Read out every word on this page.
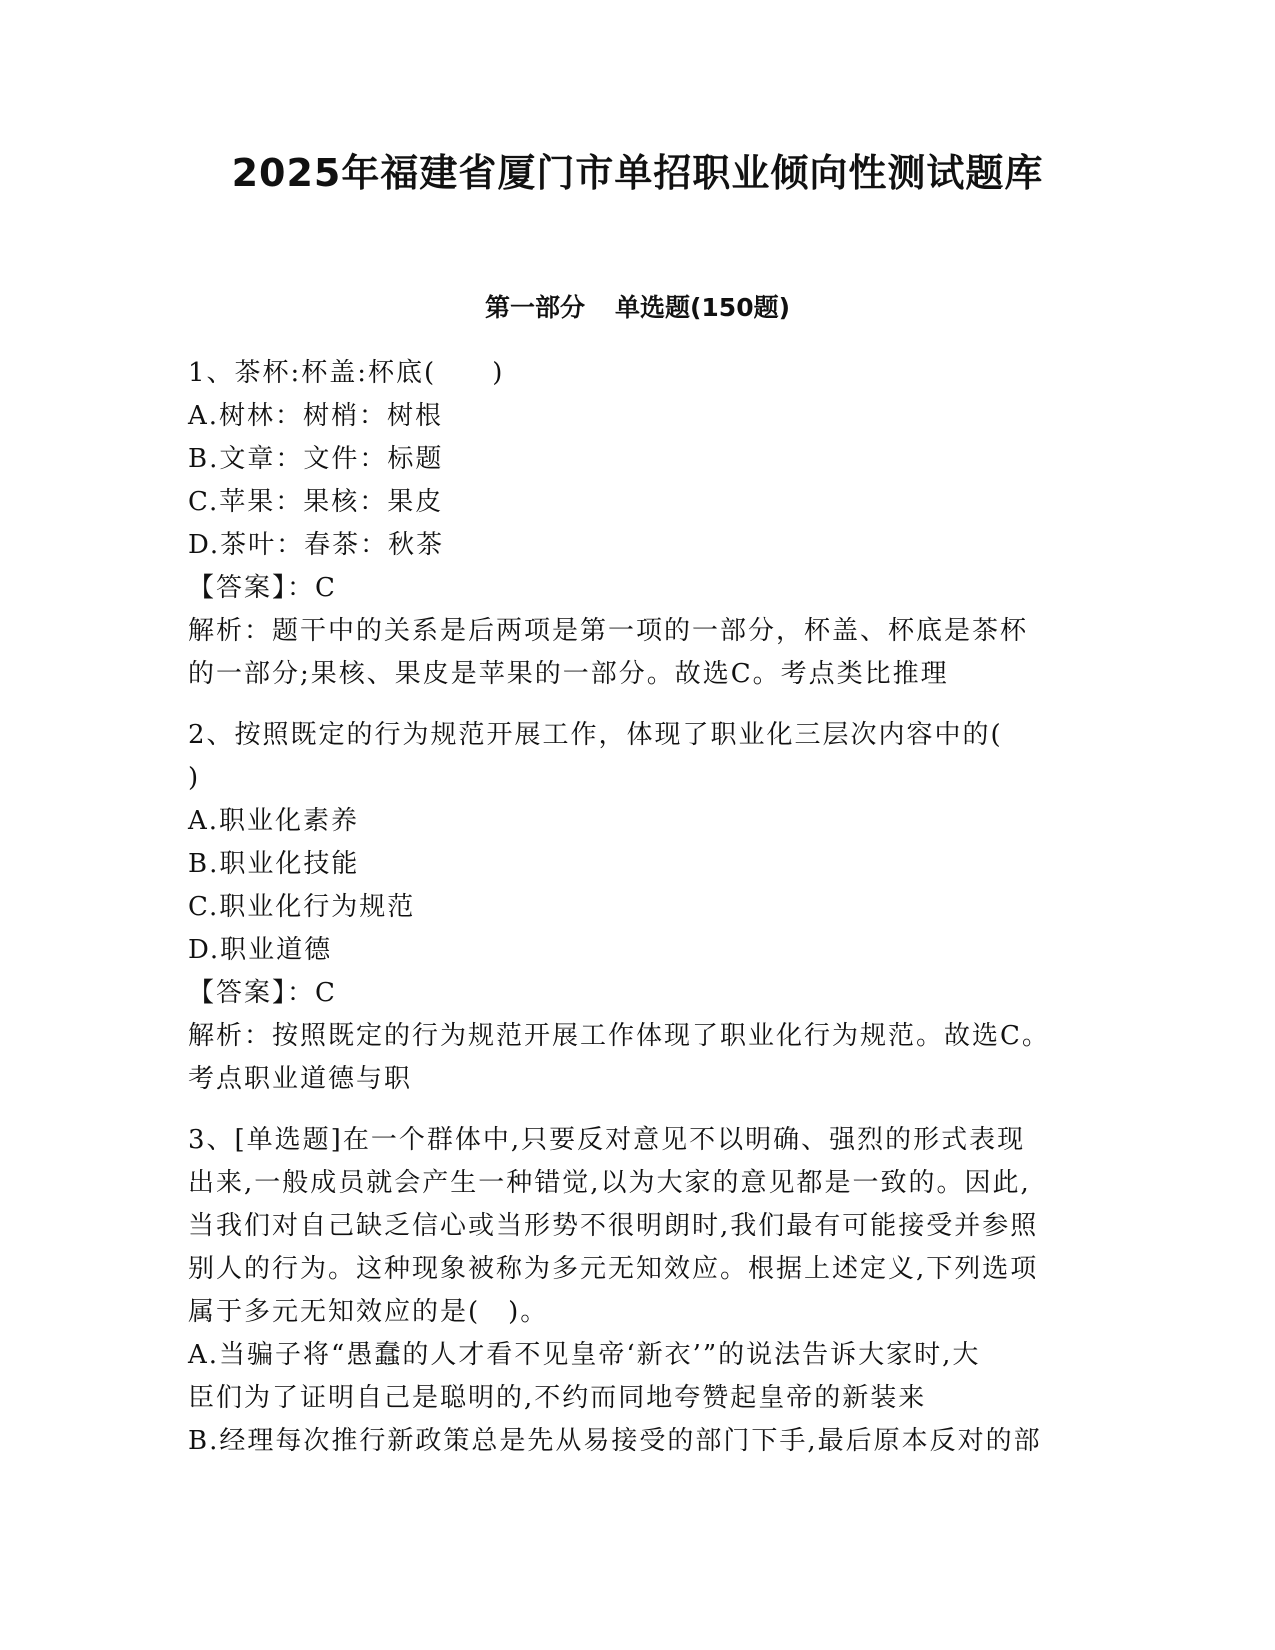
2025年福建省厦门市单招职业倾向性测试题库
第一部分 单选题(150题)
1、茶杯:杯盖:杯底(　　)
A.树林：树梢：树根
B.文章：文件：标题
C.苹果：果核：果皮
D.茶叶：春茶：秋茶
【答案】：C
解析：题干中的关系是后两项是第一项的一部分，杯盖、杯底是茶杯
的一部分;果核、果皮是苹果的一部分。故选C。考点类比推理
2、按照既定的行为规范开展工作，体现了职业化三层次内容中的(
)
A.职业化素养
B.职业化技能
C.职业化行为规范
D.职业道德
【答案】：C
解析：按照既定的行为规范开展工作体现了职业化行为规范。故选C。
考点职业道德与职
3、[单选题]在一个群体中,只要反对意见不以明确、强烈的形式表现
出来,一般成员就会产生一种错觉,以为大家的意见都是一致的。因此,
当我们对自己缺乏信心或当形势不很明朗时,我们最有可能接受并参照
别人的行为。这种现象被称为多元无知效应。根据上述定义,下列选项
属于多元无知效应的是(　)。
A.当骗子将“愚蠢的人才看不见皇帝‘新衣’”的说法告诉大家时,大
臣们为了证明自己是聪明的,不约而同地夸赞起皇帝的新装来
B.经理每次推行新政策总是先从易接受的部门下手,最后原本反对的部
